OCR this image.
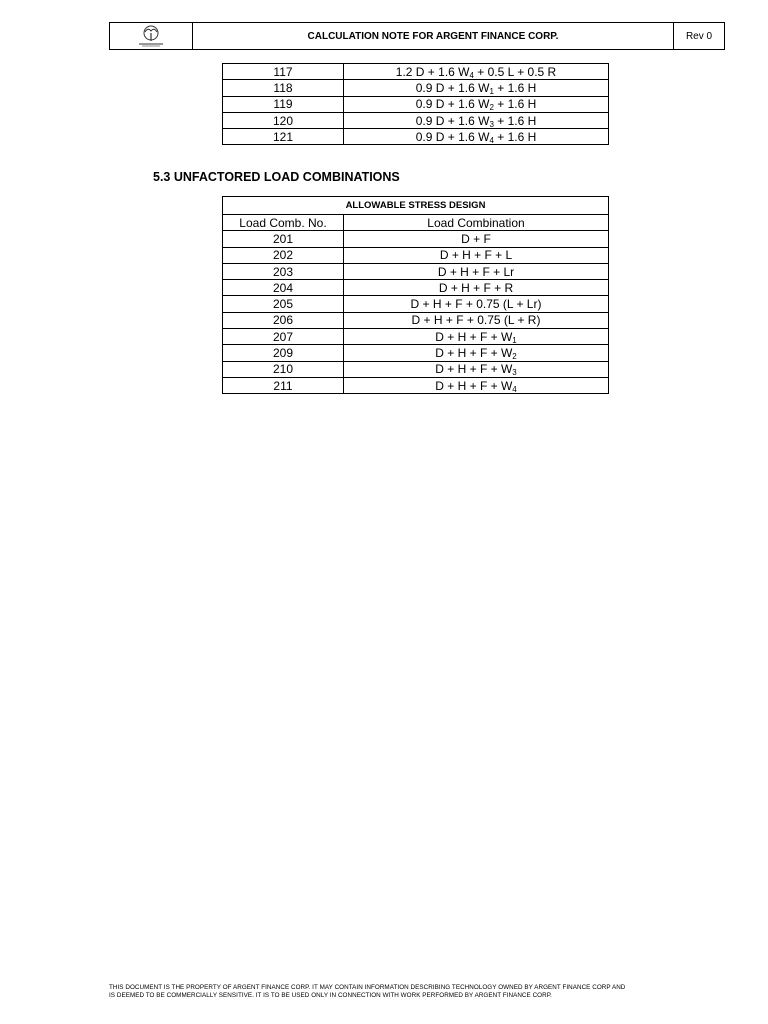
CALCULATION NOTE FOR ARGENT FINANCE CORP.	Rev 0
117	1.2 D + 1.6 $W_4 + 0.5$ L + 0.5 R
118	0.9 D + 1.6 $W_1 + 1.6$ H
119	0.9 D + 1.6 $W_2 + 1.6$ H
120	0.9 D + 1.6 $W_3 + 1.6$ H
121	0.9 D + 1.6 $W_4 + 1.6$ H
5.3 UNFACTORED LOAD COMBINATIONS
ALLOWABLE STRESS DESIGN	
Load Comb. No.	Load Combination
201	D + F
202	D + H + F + L
203	D + H + F + Lr
204	D + H + F + R
205	D + H + F + 0.75 (L + Lr)
206	D + H + F + 0.75 (L + R)
207	$D + H + F + W_1$
209	$D + H + F + W_2$
210	$D + H + F + W_3$
211	$D + H + F + W_4$
THIS DOCUMENT IS THE PROPERTY OF ARGENT FINANCE CORP. IT MAY CONTAIN INFORMATION DESCRIBING TECHNOLOGY OWNED BY ARGENT FINANCE CORP AND
IS DEEMED TO BE COMMERCIALLY SENSITIVE. IT IS TO BE USED ONLY IN CONNECTION WITH WORK PERFORMED BY ARGENT FINANCE CORP.
